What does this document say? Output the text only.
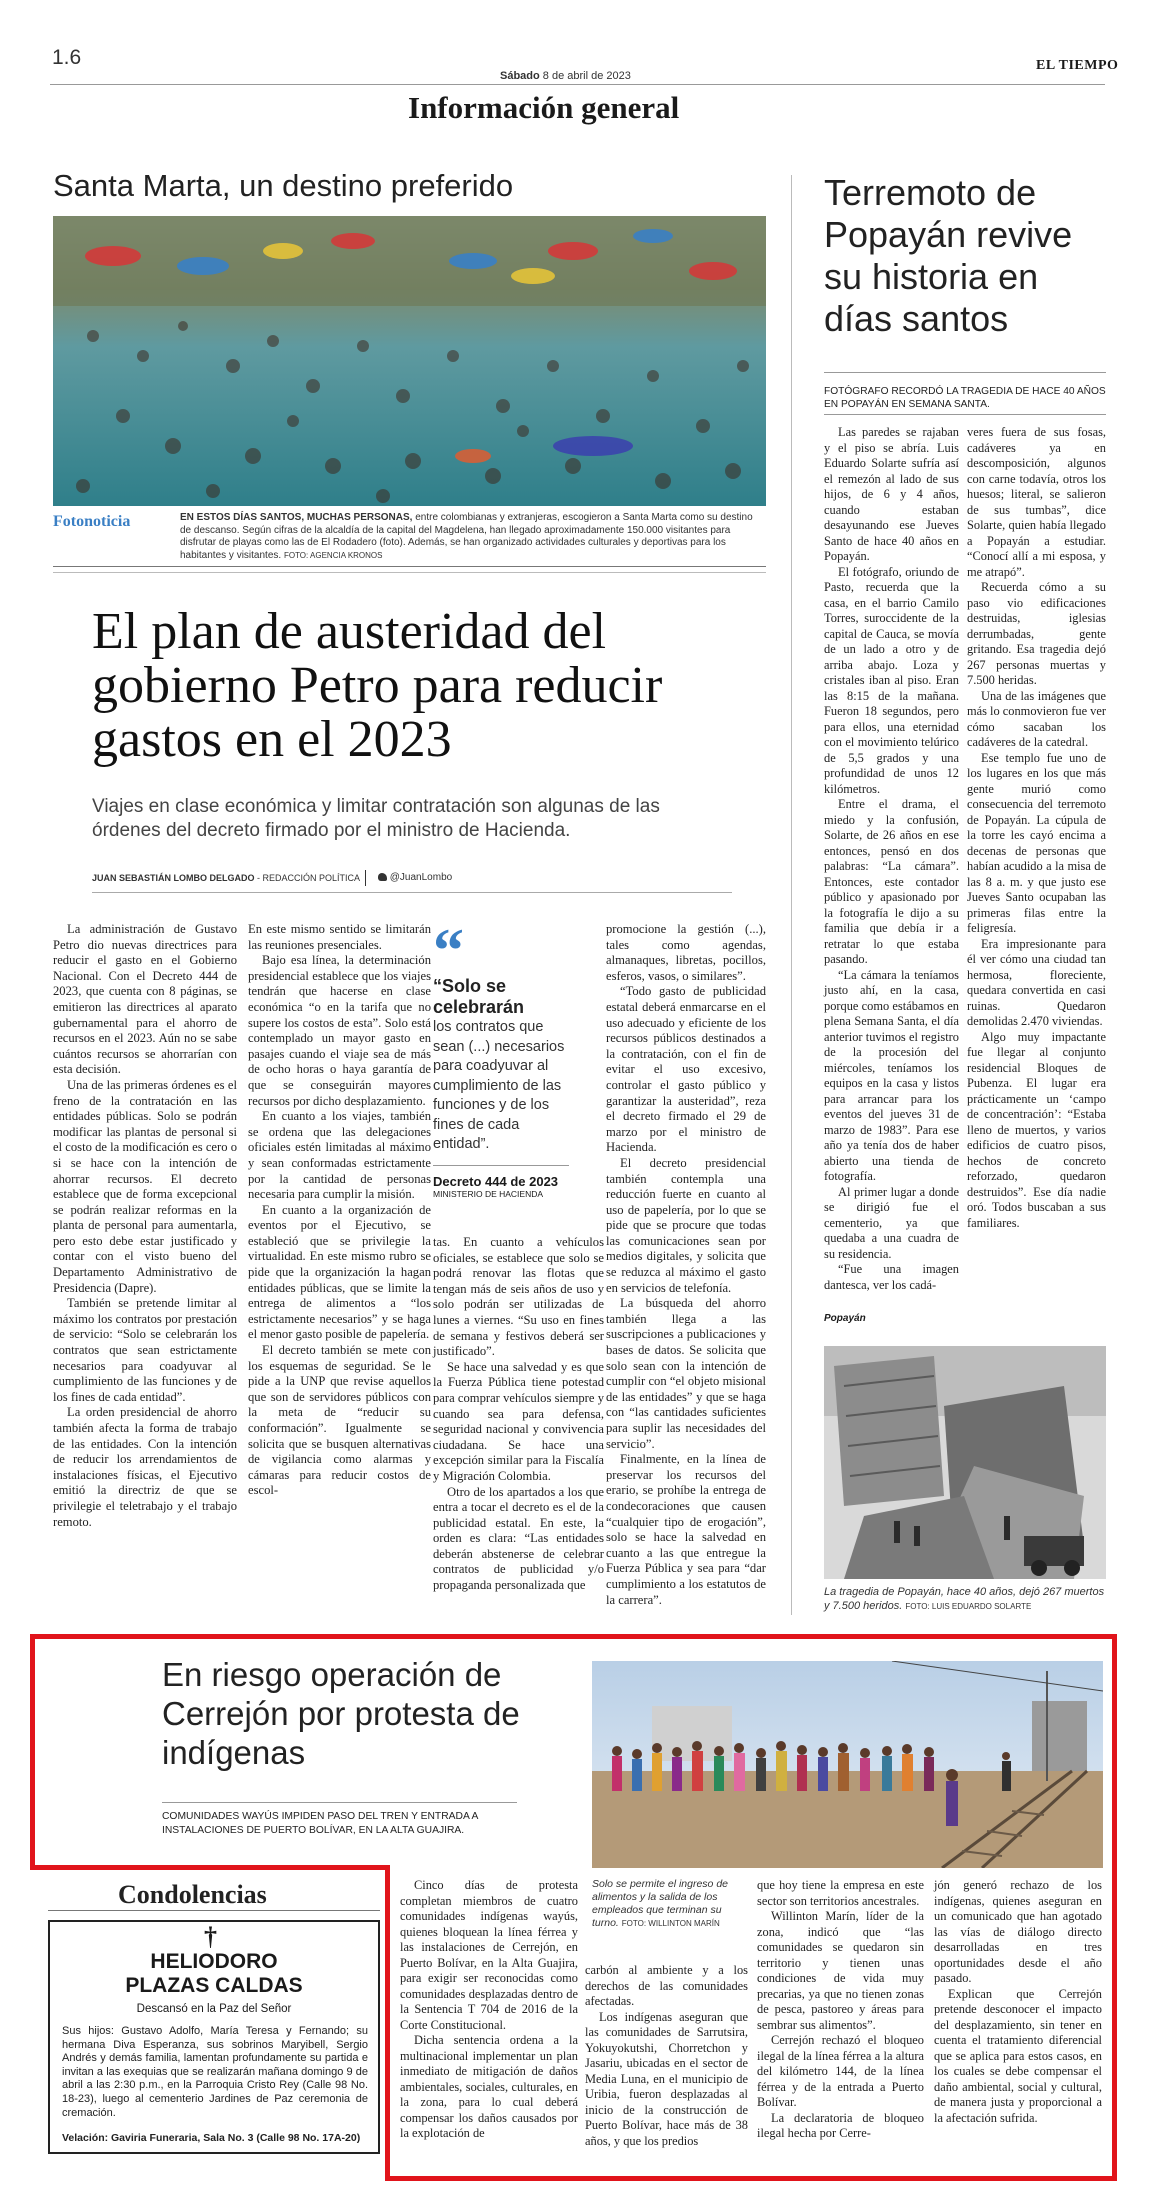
1.6
Sábado 8 de abril de 2023
EL TIEMPO
Información general
Santa Marta, un destino preferido
Fotonoticia	EN ESTOS DÍAS SANTOS, MUCHAS PERSONAS, entre colombianas y extranjeras, escogieron a Santa Marta como su destino de descanso. Según cifras de la alcaldía de la capital del Magdelena, han llegado aproximadamente 150.000 visitantes para disfrutar de playas como las de El Rodadero (foto). Además, se han organizado actividades culturales y deportivas para los habitantes y visitantes. FOTO: AGENCIA KRONOS
El plan de austeridad del gobierno Petro para reducir gastos en el 2023
Viajes en clase económica y limitar contratación son algunas de las órdenes del decreto firmado por el ministro de Hacienda.
JUAN SEBASTIÁN LOMBO DELGADO - REDACCIÓN POLÍTICA	@JuanLombo

La administración de Gustavo Petro dio nuevas directrices para reducir el gasto en el Gobierno Nacional. Con el Decreto 444 de 2023, que cuenta con 8 páginas, se emitieron las directrices al aparato gubernamental para el ahorro de recursos en el 2023. Aún no se sabe cuántos recursos se ahorrarían con esta decisión.

Una de las primeras órdenes es el freno de la contratación en las entidades públicas. Solo se podrán modificar las plantas de personal si el costo de la modificación es cero o si se hace con la intención de ahorrar recursos. El decreto establece que de forma excepcional se podrán realizar reformas en la planta de personal para aumentarla, pero esto debe estar justificado y contar con el visto bueno del Departamento Administrativo de Presidencia (Dapre).

También se pretende limitar al máximo los contratos por prestación de servicio: “Solo se celebrarán los contratos que sean estrictamente necesarios para coadyuvar al cumplimiento de las funciones y de los fines de cada entidad”.

La orden presidencial de ahorro también afecta la forma de trabajo de las entidades. Con la intención de reducir los arrendamientos de instalaciones físicas, el Ejecutivo emitió la directriz de que se privilegie el teletrabajo y el trabajo remoto.

En este mismo sentido se limitarán las reuniones presenciales.

Bajo esa línea, la determinación presidencial establece que los viajes tendrán que hacerse en clase económica “o en la tarifa que no supere los costos de esta”. Solo está contemplado un mayor gasto en pasajes cuando el viaje sea de más de ocho horas o haya garantía de que se conseguirán mayores recursos por dicho desplazamiento.

En cuanto a los viajes, también se ordena que las delegaciones oficiales estén limitadas al máximo y sean conformadas estrictamente por la cantidad de personas necesaria para cumplir la misión.

En cuanto a la organización de eventos por el Ejecutivo, se estableció que se privilegie la virtualidad. En este mismo rubro se pide que la organización la hagan entidades públicas, que se limite la entrega de alimentos a “los estrictamente necesarios” y se haga el menor gasto posible de papelería.

El decreto también se mete con los esquemas de seguridad. Se le pide a la UNP que revise aquellos que son de servidores públicos con la meta de “reducir su conformación”. Igualmente se solicita que se busquen alternativas de vigilancia como alarmas y cámaras para reducir costos de escol-

“
“Solo se celebrarán
los contratos que sean (...) necesarios para coadyuvar al cumplimiento de las funciones y de los fines de cada entidad”.
Decreto 444 de 2023
MINISTERIO DE HACIENDA

tas. En cuanto a vehículos oficiales, se establece que solo se podrá renovar las flotas que tengan más de seis años de uso y solo podrán ser utilizadas de lunes a viernes. “Su uso en fines de semana y festivos deberá ser justificado”.

Se hace una salvedad y es que la Fuerza Pública tiene potestad para comprar vehículos siempre y cuando sea para defensa, seguridad nacional y convivencia ciudadana. Se hace una excepción similar para la Fiscalía y Migración Colombia.

Otro de los apartados a los que entra a tocar el decreto es el de la publicidad estatal. En este, la orden es clara: “Las entidades deberán abstenerse de celebrar contratos de publicidad y/o propaganda personalizada que

promocione la gestión (...), tales como agendas, almanaques, libretas, pocillos, esferos, vasos, o similares”.

“Todo gasto de publicidad estatal deberá enmarcarse en el uso adecuado y eficiente de los recursos públicos destinados a la contratación, con el fin de evitar el uso excesivo, controlar el gasto público y garantizar la austeridad”, reza el decreto firmado el 29 de marzo por el ministro de Hacienda.

El decreto presidencial también contempla una reducción fuerte en cuanto al uso de papelería, por lo que se pide que se procure que todas las comunicaciones sean por medios digitales, y solicita que se reduzca al máximo el gasto en servicios de telefonía.

La búsqueda del ahorro también llega a las suscripciones a publicaciones y bases de datos. Se solicita que solo sean con la intención de cumplir con “el objeto misional de las entidades” y que se haga con “las cantidades suficientes para suplir las necesidades del servicio”.

Finalmente, en la línea de preservar los recursos del erario, se prohíbe la entrega de condecoraciones que causen “cualquier tipo de erogación”, solo se hace la salvedad en cuanto a las que entregue la Fuerza Pública y sea para “dar cumplimiento a los estatutos de la carrera”.

Terremoto de Popayán revive su historia en días santos
FOTÓGRAFO RECORDÓ LA TRAGEDIA DE HACE 40 AÑOS EN POPAYÁN EN SEMANA SANTA.

Las paredes se rajaban y el piso se abría. Luis Eduardo Solarte sufría así el remezón al lado de sus hijos, de 6 y 4 años, cuando estaban desayunando ese Jueves Santo de hace 40 años en Popayán.

El fotógrafo, oriundo de Pasto, recuerda que la casa, en el barrio Camilo Torres, suroccidente de la capital de Cauca, se movía de un lado a otro y de arriba abajo. Loza y cristales iban al piso. Eran las 8:15 de la mañana. Fueron 18 segundos, pero para ellos, una eternidad con el movimiento telúrico de 5,5 grados y una profundidad de unos 12 kilómetros.

Entre el drama, el miedo y la confusión, Solarte, de 26 años en ese entonces, pensó en dos palabras: “La cámara”. Entonces, este contador público y apasionado por la fotografía le dijo a su familia que debía ir a retratar lo que estaba pasando.

“La cámara la teníamos justo ahí, en la casa, porque como estábamos en plena Semana Santa, el día anterior tuvimos el registro de la procesión del miércoles, teníamos los equipos en la casa y listos para arrancar para los eventos del jueves 31 de marzo de 1983”. Para ese año ya tenía dos de haber abierto una tienda de fotografía.

Al primer lugar a donde se dirigió fue el cementerio, ya que quedaba a una cuadra de su residencia.

“Fue una imagen dantesca, ver los cadá-

veres fuera de sus fosas, cadáveres ya en descomposición, algunos con carne todavía, otros los huesos; literal, se salieron de sus tumbas”, dice Solarte, quien había llegado a Popayán a estudiar. “Conocí allí a mi esposa, y me atrapó”.

Recuerda cómo a su paso vio edificaciones destruidas, iglesias derrumbadas, gente gritando. Esa tragedia dejó 267 personas muertas y 7.500 heridas.

Una de las imágenes que más lo conmovieron fue ver cómo sacaban los cadáveres de la catedral.

Ese templo fue uno de los lugares en los que más gente murió como consecuencia del terremoto de Popayán. La cúpula de la torre les cayó encima a decenas de personas que habían acudido a la misa de las 8 a. m. y que justo ese Jueves Santo ocupaban las primeras filas entre la feligresía.

Era impresionante para él ver cómo una ciudad tan hermosa, floreciente, quedara convertida en casi ruinas. Quedaron demolidas 2.470 viviendas.

Algo muy impactante fue llegar al conjunto residencial Bloques de Pubenza. El lugar era prácticamente un ‘campo de concentración’: “Estaba lleno de muertos, y varios edificios de cuatro pisos, hechos de concreto reforzado, quedaron destruidos”. Ese día nadie oró. Todos buscaban a sus familiares.

Popayán
La tragedia de Popayán, hace 40 años, dejó 267 muertos y 7.500 heridos. FOTO: LUIS EDUARDO SOLARTE
En riesgo operación de Cerrejón por protesta de indígenas
COMUNIDADES WAYÚS IMPIDEN PASO DEL TREN Y ENTRADA A INSTALACIONES DE PUERTO BOLÍVAR, EN LA ALTA GUAJIRA.
Solo se permite el ingreso de alimentos y la salida de los empleados que terminan su turno. FOTO: WILLINTON MARÍN

Cinco días de protesta completan miembros de cuatro comunidades indígenas wayús, quienes bloquean la línea férrea y las instalaciones de Cerrejón, en Puerto Bolívar, en la Alta Guajira, para exigir ser reconocidas como comunidades desplazadas dentro de la Sentencia T 704 de 2016 de la Corte Constitucional.

Dicha sentencia ordena a la multinacional implementar un plan inmediato de mitigación de daños ambientales, sociales, culturales, en la zona, para lo cual deberá compensar los daños causados por la explotación de

carbón al ambiente y a los derechos de las comunidades afectadas.

Los indígenas aseguran que las comunidades de Sarrutsira, Yokuyokutshi, Chorretchon y Jasariu, ubicadas en el sector de Media Luna, en el municipio de Uribia, fueron desplazadas al inicio de la construcción de Puerto Bolívar, hace más de 38 años, y que los predios

que hoy tiene la empresa en este sector son territorios ancestrales.

Willinton Marín, líder de la zona, indicó que “las comunidades se quedaron sin territorio y tienen unas condiciones de vida muy precarias, ya que no tienen zonas de pesca, pastoreo y áreas para sembrar sus alimentos”.

Cerrejón rechazó el bloqueo ilegal de la línea férrea a la altura del kilómetro 144, de la línea férrea y de la entrada a Puerto Bolívar.

La declaratoria de bloqueo ilegal hecha por Cerre-

jón generó rechazo de los indígenas, quienes aseguran en un comunicado que han agotado las vías de diálogo directo desarrolladas en tres oportunidades desde el año pasado.

Explican que Cerrejón pretende desconocer el impacto del desplazamiento, sin tener en cuenta el tratamiento diferencial que se aplica para estos casos, en los cuales se debe compensar el daño ambiental, social y cultural, de manera justa y proporcional a la afectación sufrida.

Condolencias
†
HELIODORO
PLAZAS CALDAS
Descansó en la Paz del Señor
Sus hijos: Gustavo Adolfo, María Teresa y Fernando; su hermana Diva Esperanza, sus sobrinos Maryibell, Sergio Andrés y demás familia, lamentan profundamente su partida e invitan a las exequias que se realizarán mañana domingo 9 de abril a las 2:30 p.m., en la Parroquia Cristo Rey (Calle 98 No. 18-23), luego al cementerio Jardines de Paz ceremonia de cremación.
Velación: Gaviria Funeraria, Sala No. 3 (Calle 98 No. 17A-20)
